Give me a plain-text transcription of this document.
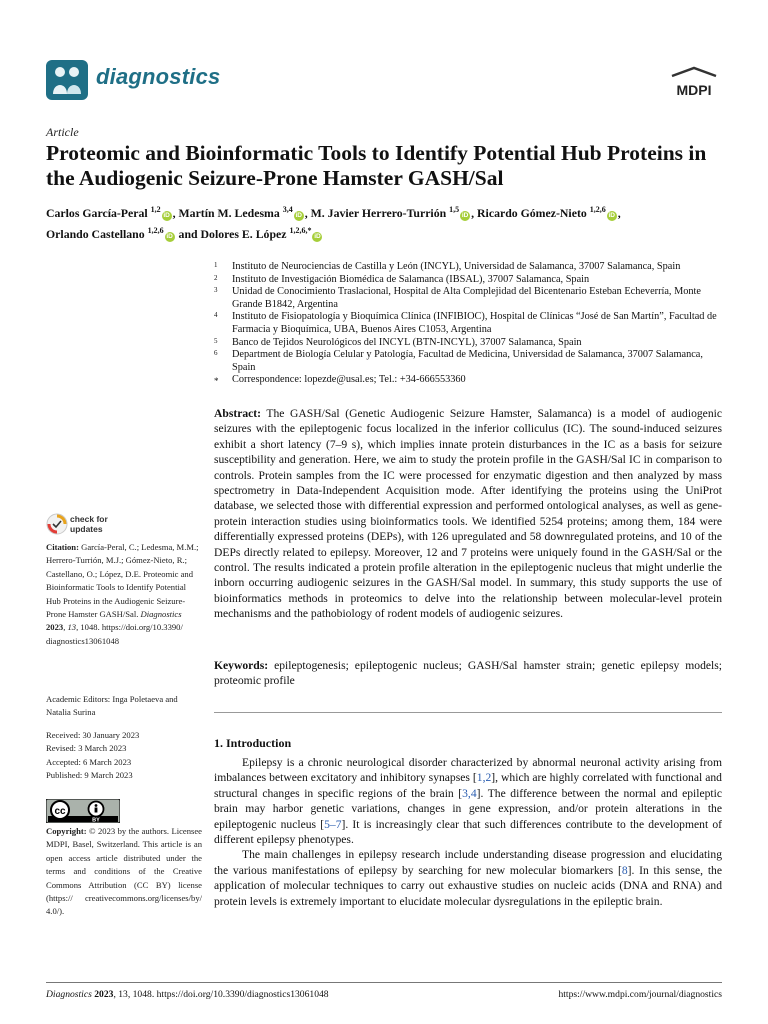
diagnostics
MDPI
Article
Proteomic and Bioinformatic Tools to Identify Potential Hub Proteins in the Audiogenic Seizure-Prone Hamster GASH/Sal
Carlos García-Peral $^{1,2}$iD , Martín M. Ledesma $^{3,4}$iD , M. Javier Herrero-Turrión $^{1,5}$iD , Ricardo Gómez-Nieto $^{1,2,6}$iD ,
Orlando Castellano $^{1,2,6}$iD and Dolores E. López $^{1,2,6,*}$iD
1 Instituto de Neurociencias de Castilla y León (INCYL), Universidad de Salamanca, 37007 Salamanca, Spain
2 Instituto de Investigación Biomédica de Salamanca (IBSAL), 37007 Salamanca, Spain
3 Unidad de Conocimiento Traslacional, Hospital de Alta Complejidad del Bicentenario Esteban Echeverría, Monte Grande B1842, Argentina
4 Instituto de Fisiopatología y Bioquímica Clínica (INFIBIOC), Hospital de Clínicas “José de San Martín”, Facultad de Farmacia y Bioquímica, UBA, Buenos Aires C1053, Argentina
5 Banco de Tejidos Neurológicos del INCYL (BTN-INCYL), 37007 Salamanca, Spain
6 Department de Biología Celular y Patología, Facultad de Medicina, Universidad de Salamanca, 37007 Salamanca, Spain
* Correspondence: lopezde@usal.es; Tel.: +34-666553360
Abstract: The GASH/Sal (Genetic Audiogenic Seizure Hamster, Salamanca) is a model of audiogenic seizures with the epileptogenic focus localized in the inferior colliculus (IC). The sound-induced seizures exhibit a short latency (7–9 s), which implies innate protein disturbances in the IC as a basis for seizure susceptibility and generation. Here, we aim to study the protein profile in the GASH/Sal IC in comparison to controls. Protein samples from the IC were processed for enzymatic digestion and then analyzed by mass spectrometry in Data-Independent Acquisition mode. After identifying the proteins using the UniProt database, we selected those with differential expression and performed ontological analyses, as well as gene-protein interaction studies using bioinformatics tools. We identified 5254 proteins; among them, 184 were differentially expressed proteins (DEPs), with 126 upregulated and 58 downregulated proteins, and 10 of the DEPs directly related to epilepsy. Moreover, 12 and 7 proteins were uniquely found in the GASH/Sal or the control. The results indicated a protein profile alteration in the epileptogenic nucleus that might underlie the inborn occurring audiogenic seizures in the GASH/Sal model. In summary, this study supports the use of bioinformatics methods in proteomics to delve into the relationship between molecular-level protein mechanisms and the pathobiology of rodent models of audiogenic seizures.
Keywords: epileptogenesis; epileptogenic nucleus; GASH/Sal hamster strain; genetic epilepsy models; proteomic profile
1. Introduction

Epilepsy is a chronic neurological disorder characterized by abnormal neuronal activity arising from imbalances between excitatory and inhibitory synapses [1,2], which are highly correlated with functional and structural changes in specific regions of the brain [3,4]. The difference between the normal and epileptic brain may harbor genetic variations, changes in gene expression, and/or protein alterations in the epileptogenic nucleus [5–7]. It is increasingly clear that such differences contribute to the development of different epilepsy phenotypes.

The main challenges in epilepsy research include understanding disease progression and elucidating the various manifestations of epilepsy by searching for new molecular biomarkers [8]. In this sense, the application of molecular techniques to carry out exhaustive studies on nucleic acids (DNA and RNA) and protein levels is extremely important to elucidate molecular dysregulations in the epileptic brain.

check for
updates
Citation: García-Peral, C.; Ledesma, M.M.; Herrero-Turrión, M.J.; Gómez-Nieto, R.; Castellano, O.; López, D.E. Proteomic and Bioinformatic Tools to Identify Potential Hub Proteins in the Audiogenic Seizure-Prone Hamster GASH/Sal. Diagnostics 2023, 13, 1048. https://doi.org/10.3390/ diagnostics13061048
Academic Editors: Inga Poletaeva and Natalia Surina
Received: 30 January 2023
Revised: 3 March 2023
Accepted: 6 March 2023
Published: 9 March 2023
cc
BY
Copyright: © 2023 by the authors. Licensee MDPI, Basel, Switzerland. This article is an open access article distributed under the terms and conditions of the Creative Commons Attribution (CC BY) license (https:// creativecommons.org/licenses/by/ 4.0/).
Diagnostics 2023, 13, 1048. https://doi.org/10.3390/diagnostics13061048	https://www.mdpi.com/journal/diagnostics
